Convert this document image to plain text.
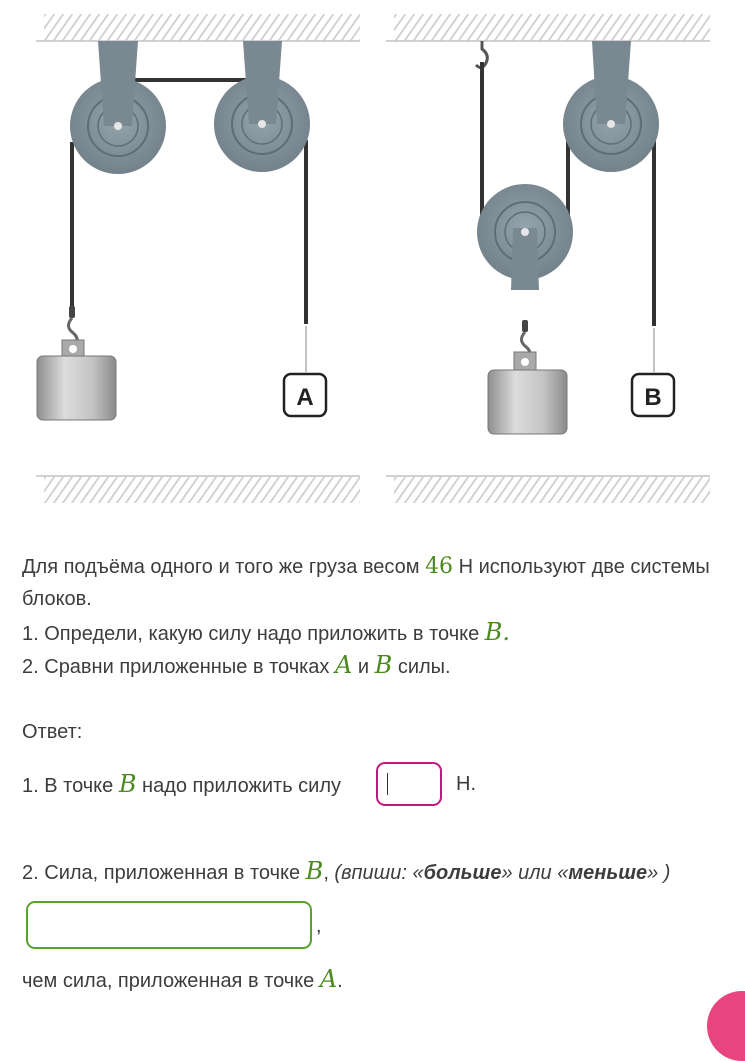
A	B
Для подъёма одного и того же груза весом 46 Н используют две системы
блоков.
1. Определи, какую силу надо приложить в точке B.
2. Сравни приложенные в точках A и B силы.
Ответ:
1. В точке B надо приложить силу	Н.
2. Сила, приложенная в точке B, (впиши: «больше» или «меньше» )
,
чем сила, приложенная в точке A.
